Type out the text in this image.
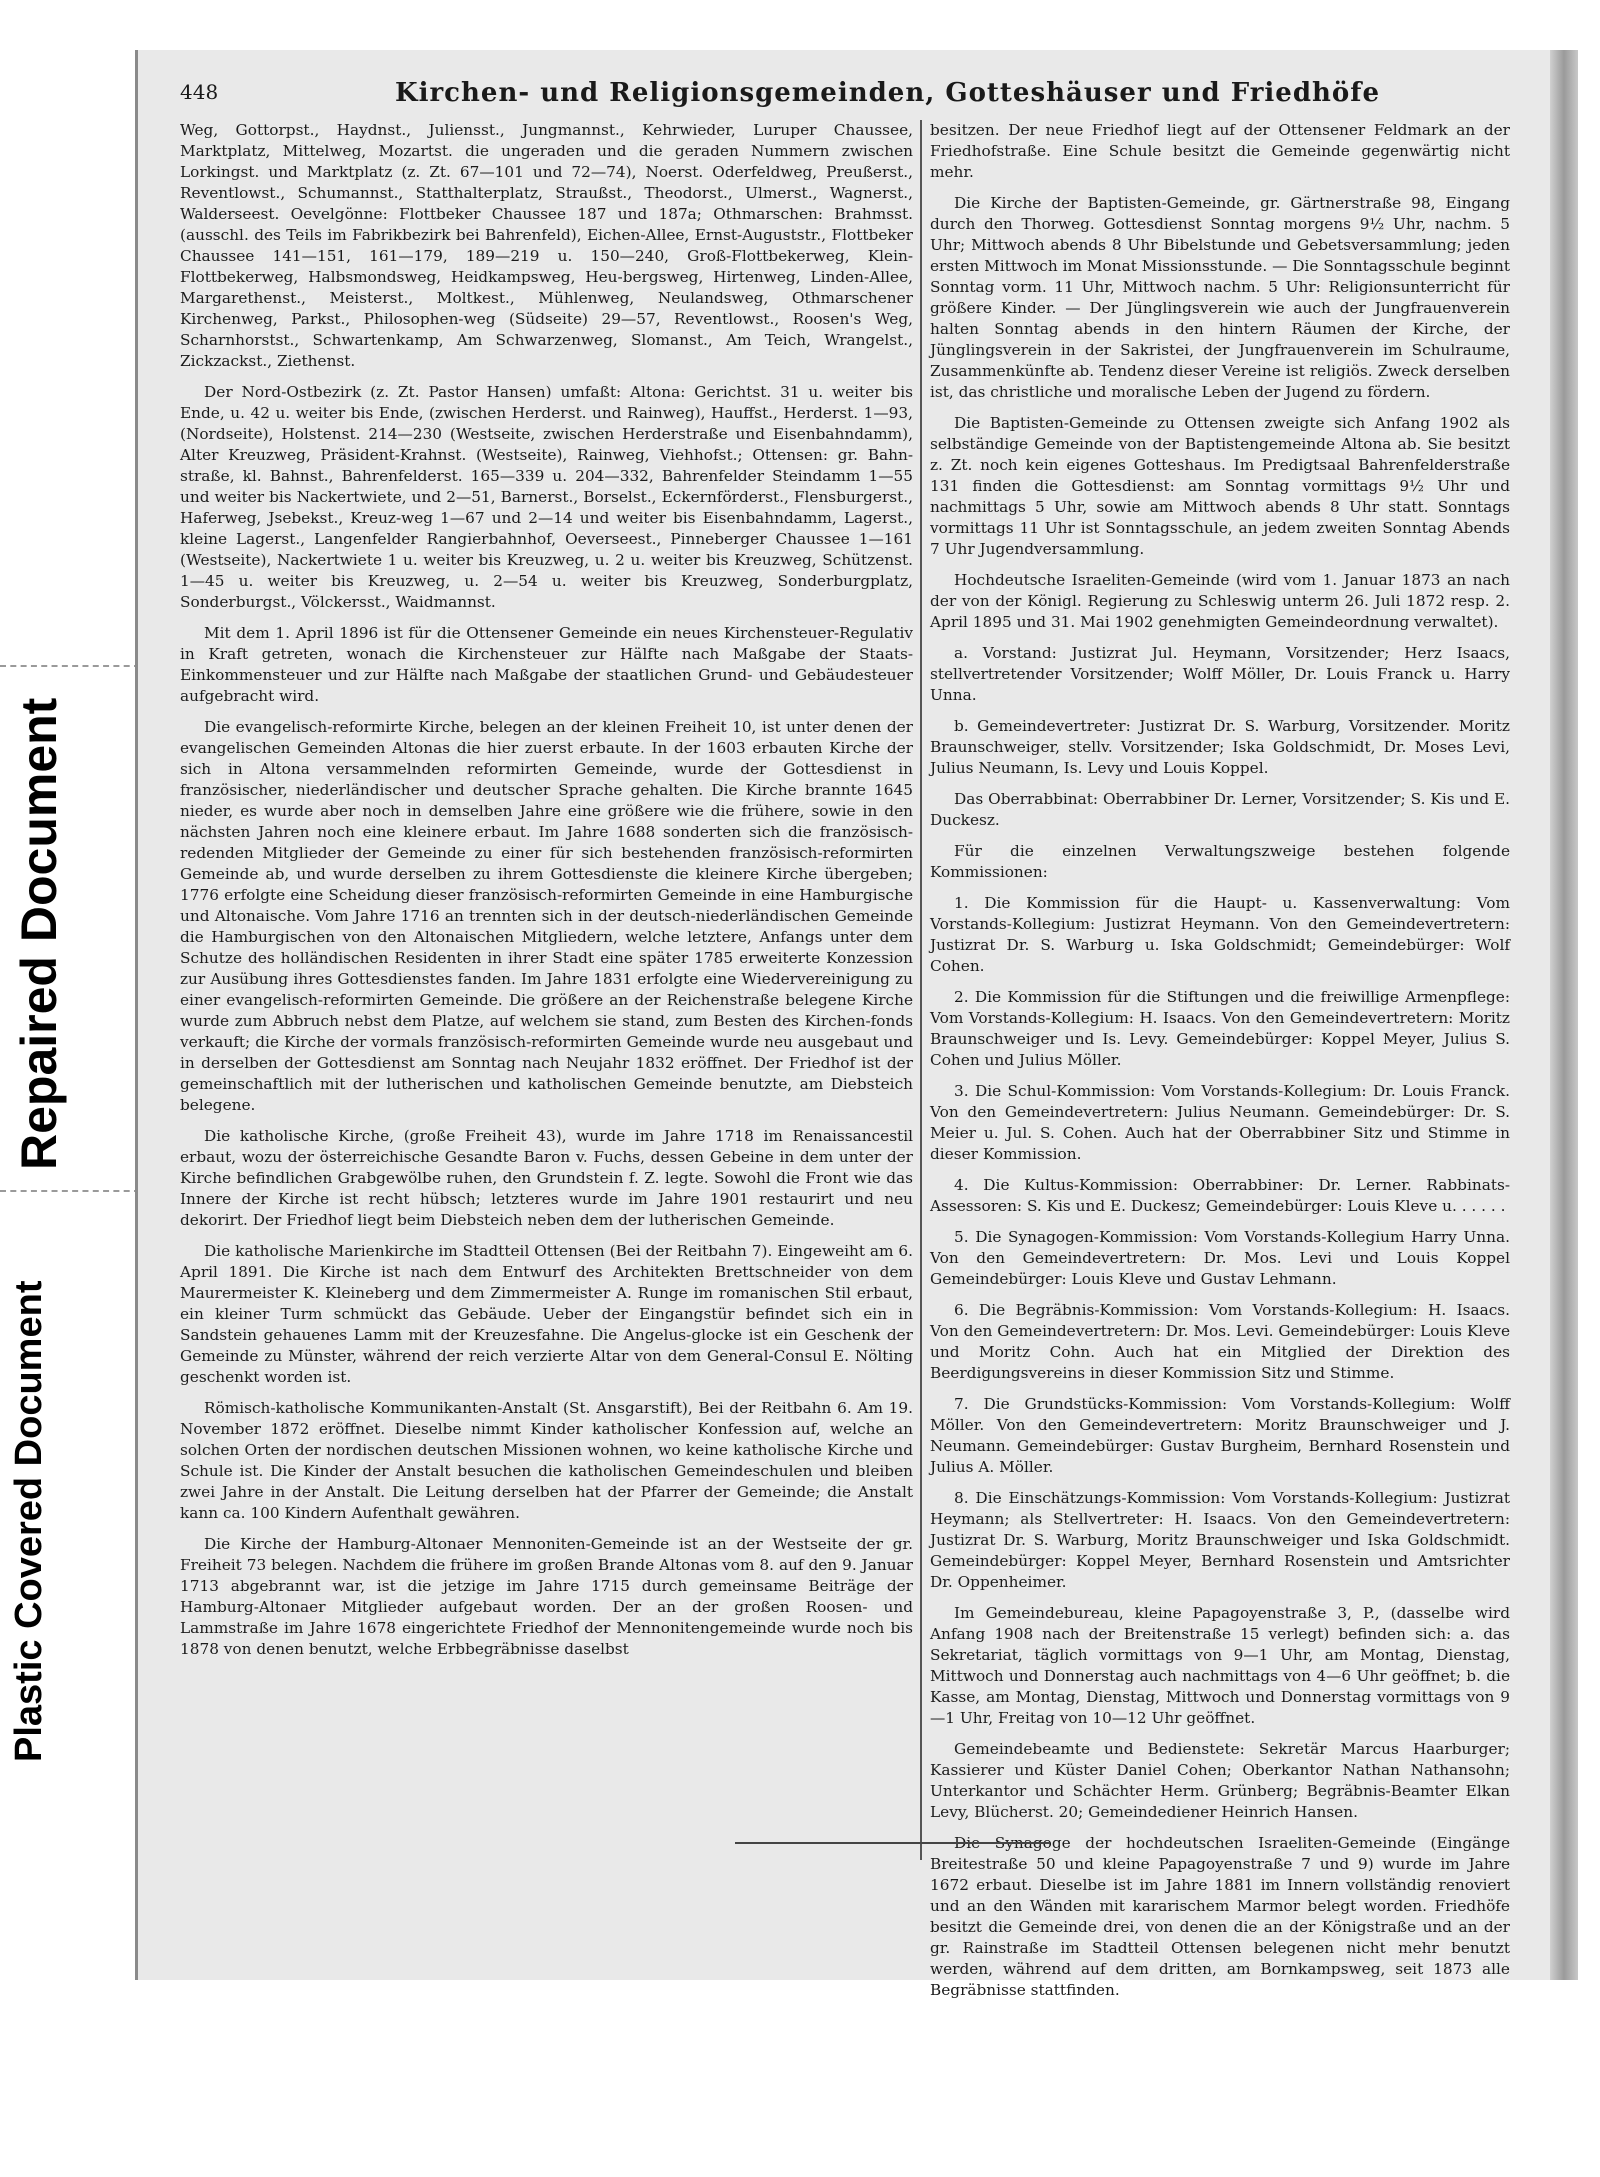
Repaired Document
Plastic Covered Document
448	Kirchen- und Religionsgemeinden, Gotteshäuser und Friedhöfe

Weg, Gottorpst., Haydnst., Juliensst., Jungmannst., Kehrwieder, Luruper Chaussee, Marktplatz, Mittelweg, Mozartst. die ungeraden und die geraden Nummern zwischen Lorkingst. und Marktplatz (z. Zt. 67—101 und 72—74), Noerst. Oderfeldweg, Preußerst., Reventlowst., Schumannst., Statthalterplatz, Straußst., Theodorst., Ulmerst., Wagnerst., Walderseest. Oevelgönne: Flottbeker Chaussee 187 und 187a; Othmarschen: Brahmsst. (ausschl. des Teils im Fabrikbezirk bei Bahrenfeld), Eichen-Allee, Ernst-Auguststr., Flottbeker Chaussee 141—151, 161—179, 189—219 u. 150—240, Groß-Flottbekerweg, Klein-Flottbekerweg, Halbsmondsweg, Heidkampsweg, Heu-bergsweg, Hirtenweg, Linden-Allee, Margarethenst., Meisterst., Moltkest., Mühlenweg, Neulandsweg, Othmarschener Kirchenweg, Parkst., Philosophen-weg (Südseite) 29—57, Reventlowst., Roosen's Weg, Scharnhorstst., Schwartenkamp, Am Schwarzenweg, Slomanst., Am Teich, Wrangelst., Zickzackst., Ziethenst.

Der Nord-Ostbezirk (z. Zt. Pastor Hansen) umfaßt: Altona: Gerichtst. 31 u. weiter bis Ende, u. 42 u. weiter bis Ende, (zwischen Herderst. und Rainweg), Hauffst., Herderst. 1—93, (Nordseite), Holstenst. 214—230 (Westseite, zwischen Herderstraße und Eisenbahndamm), Alter Kreuzweg, Präsident-Krahnst. (Westseite), Rainweg, Viehhofst.; Ottensen: gr. Bahn-straße, kl. Bahnst., Bahrenfelderst. 165—339 u. 204—332, Bahrenfelder Steindamm 1—55 und weiter bis Nackertwiete, und 2—51, Barnerst., Borselst., Eckernförderst., Flensburgerst., Haferweg, Jsebekst., Kreuz-weg 1—67 und 2—14 und weiter bis Eisenbahndamm, Lagerst., kleine Lagerst., Langenfelder Rangierbahnhof, Oeverseest., Pinneberger Chaussee 1—161 (Westseite), Nackertwiete 1 u. weiter bis Kreuzweg, u. 2 u. weiter bis Kreuzweg, Schützenst. 1—45 u. weiter bis Kreuzweg, u. 2—54 u. weiter bis Kreuzweg, Sonderburgplatz, Sonderburgst., Völckersst., Waidmannst.

Mit dem 1. April 1896 ist für die Ottensener Gemeinde ein neues Kirchensteuer-Regulativ in Kraft getreten, wonach die Kirchensteuer zur Hälfte nach Maßgabe der Staats-Einkommensteuer und zur Hälfte nach Maßgabe der staatlichen Grund- und Gebäudesteuer aufgebracht wird.

Die evangelisch-reformirte Kirche, belegen an der kleinen Freiheit 10, ist unter denen der evangelischen Gemeinden Altonas die hier zuerst erbaute. In der 1603 erbauten Kirche der sich in Altona versammelnden reformirten Gemeinde, wurde der Gottesdienst in französischer, niederländischer und deutscher Sprache gehalten. Die Kirche brannte 1645 nieder, es wurde aber noch in demselben Jahre eine größere wie die frühere, sowie in den nächsten Jahren noch eine kleinere erbaut. Im Jahre 1688 sonderten sich die französisch-redenden Mitglieder der Gemeinde zu einer für sich bestehenden französisch-reformirten Gemeinde ab, und wurde derselben zu ihrem Gottesdienste die kleinere Kirche übergeben; 1776 erfolgte eine Scheidung dieser französisch-reformirten Gemeinde in eine Hamburgische und Altonaische. Vom Jahre 1716 an trennten sich in der deutsch-niederländischen Gemeinde die Hamburgischen von den Altonaischen Mitgliedern, welche letztere, Anfangs unter dem Schutze des holländischen Residenten in ihrer Stadt eine später 1785 erweiterte Konzession zur Ausübung ihres Gottesdienstes fanden. Im Jahre 1831 erfolgte eine Wiedervereinigung zu einer evangelisch-reformirten Gemeinde. Die größere an der Reichenstraße belegene Kirche wurde zum Abbruch nebst dem Platze, auf welchem sie stand, zum Besten des Kirchen-fonds verkauft; die Kirche der vormals französisch-reformirten Gemeinde wurde neu ausgebaut und in derselben der Gottesdienst am Sonntag nach Neujahr 1832 eröffnet. Der Friedhof ist der gemeinschaftlich mit der lutherischen und katholischen Gemeinde benutzte, am Diebsteich belegene.

Die katholische Kirche, (große Freiheit 43), wurde im Jahre 1718 im Renaissancestil erbaut, wozu der österreichische Gesandte Baron v. Fuchs, dessen Gebeine in dem unter der Kirche befindlichen Grabgewölbe ruhen, den Grundstein f. Z. legte. Sowohl die Front wie das Innere der Kirche ist recht hübsch; letzteres wurde im Jahre 1901 restaurirt und neu dekorirt. Der Friedhof liegt beim Diebsteich neben dem der lutherischen Gemeinde.

Die katholische Marienkirche im Stadtteil Ottensen (Bei der Reitbahn 7). Eingeweiht am 6. April 1891. Die Kirche ist nach dem Entwurf des Architekten Brettschneider von dem Maurermeister K. Kleineberg und dem Zimmermeister A. Runge im romanischen Stil erbaut, ein kleiner Turm schmückt das Gebäude. Ueber der Eingangstür befindet sich ein in Sandstein gehauenes Lamm mit der Kreuzesfahne. Die Angelus-glocke ist ein Geschenk der Gemeinde zu Münster, während der reich verzierte Altar von dem General-Consul E. Nölting geschenkt worden ist.

Römisch-katholische Kommunikanten-Anstalt (St. Ansgarstift), Bei der Reitbahn 6. Am 19. November 1872 eröffnet. Dieselbe nimmt Kinder katholischer Konfession auf, welche an solchen Orten der nordischen deutschen Missionen wohnen, wo keine katholische Kirche und Schule ist. Die Kinder der Anstalt besuchen die katholischen Gemeindeschulen und bleiben zwei Jahre in der Anstalt. Die Leitung derselben hat der Pfarrer der Gemeinde; die Anstalt kann ca. 100 Kindern Aufenthalt gewähren.

Die Kirche der Hamburg-Altonaer Mennoniten-Gemeinde ist an der Westseite der gr. Freiheit 73 belegen. Nachdem die frühere im großen Brande Altonas vom 8. auf den 9. Januar 1713 abgebrannt war, ist die jetzige im Jahre 1715 durch gemeinsame Beiträge der Hamburg-Altonaer Mitglieder aufgebaut worden. Der an der großen Roosen- und Lammstraße im Jahre 1678 eingerichtete Friedhof der Mennonitengemeinde wurde noch bis 1878 von denen benutzt, welche Erbbegräbnisse daselbst

besitzen. Der neue Friedhof liegt auf der Ottensener Feldmark an der Friedhofstraße. Eine Schule besitzt die Gemeinde gegenwärtig nicht mehr.

Die Kirche der Baptisten-Gemeinde, gr. Gärtnerstraße 98, Eingang durch den Thorweg. Gottesdienst Sonntag morgens 9½ Uhr, nachm. 5 Uhr; Mittwoch abends 8 Uhr Bibelstunde und Gebetsversammlung; jeden ersten Mittwoch im Monat Missionsstunde. — Die Sonntagsschule beginnt Sonntag vorm. 11 Uhr, Mittwoch nachm. 5 Uhr: Religionsunterricht für größere Kinder. — Der Jünglingsverein wie auch der Jungfrauenverein halten Sonntag abends in den hintern Räumen der Kirche, der Jünglingsverein in der Sakristei, der Jungfrauenverein im Schulraume, Zusammenkünfte ab. Tendenz dieser Vereine ist religiös. Zweck derselben ist, das christliche und moralische Leben der Jugend zu fördern.

Die Baptisten-Gemeinde zu Ottensen zweigte sich Anfang 1902 als selbständige Gemeinde von der Baptistengemeinde Altona ab. Sie besitzt z. Zt. noch kein eigenes Gotteshaus. Im Predigtsaal Bahrenfelderstraße 131 finden die Gottesdienst: am Sonntag vormittags 9½ Uhr und nachmittags 5 Uhr, sowie am Mittwoch abends 8 Uhr statt. Sonntags vormittags 11 Uhr ist Sonntagsschule, an jedem zweiten Sonntag Abends 7 Uhr Jugendversammlung.

Hochdeutsche Israeliten-Gemeinde (wird vom 1. Januar 1873 an nach der von der Königl. Regierung zu Schleswig unterm 26. Juli 1872 resp. 2. April 1895 und 31. Mai 1902 genehmigten Gemeindeordnung verwaltet).

a. Vorstand: Justizrat Jul. Heymann, Vorsitzender; Herz Isaacs, stellvertretender Vorsitzender; Wolff Möller, Dr. Louis Franck u. Harry Unna.

b. Gemeindevertreter: Justizrat Dr. S. Warburg, Vorsitzender. Moritz Braunschweiger, stellv. Vorsitzender; Iska Goldschmidt, Dr. Moses Levi, Julius Neumann, Is. Levy und Louis Koppel.

Das Oberrabbinat: Oberrabbiner Dr. Lerner, Vorsitzender; S. Kis und E. Duckesz.

Für die einzelnen Verwaltungszweige bestehen folgende Kommissionen:

1. Die Kommission für die Haupt- u. Kassenverwaltung: Vom Vorstands-Kollegium: Justizrat Heymann. Von den Gemeindevertretern: Justizrat Dr. S. Warburg u. Iska Goldschmidt; Gemeindebürger: Wolf Cohen.

2. Die Kommission für die Stiftungen und die freiwillige Armenpflege: Vom Vorstands-Kollegium: H. Isaacs. Von den Gemeindevertretern: Moritz Braunschweiger und Is. Levy. Gemeindebürger: Koppel Meyer, Julius S. Cohen und Julius Möller.

3. Die Schul-Kommission: Vom Vorstands-Kollegium: Dr. Louis Franck. Von den Gemeindevertretern: Julius Neumann. Gemeindebürger: Dr. S. Meier u. Jul. S. Cohen. Auch hat der Oberrabbiner Sitz und Stimme in dieser Kommission.

4. Die Kultus-Kommission: Oberrabbiner: Dr. Lerner. Rabbinats-Assessoren: S. Kis und E. Duckesz; Gemeindebürger: Louis Kleve u. . . . . .

5. Die Synagogen-Kommission: Vom Vorstands-Kollegium Harry Unna. Von den Gemeindevertretern: Dr. Mos. Levi und Louis Koppel Gemeindebürger: Louis Kleve und Gustav Lehmann.

6. Die Begräbnis-Kommission: Vom Vorstands-Kollegium: H. Isaacs. Von den Gemeindevertretern: Dr. Mos. Levi. Gemeindebürger: Louis Kleve und Moritz Cohn. Auch hat ein Mitglied der Direktion des Beerdigungsvereins in dieser Kommission Sitz und Stimme.

7. Die Grundstücks-Kommission: Vom Vorstands-Kollegium: Wolff Möller. Von den Gemeindevertretern: Moritz Braunschweiger und J. Neumann. Gemeindebürger: Gustav Burgheim, Bernhard Rosenstein und Julius A. Möller.

8. Die Einschätzungs-Kommission: Vom Vorstands-Kollegium: Justizrat Heymann; als Stellvertreter: H. Isaacs. Von den Gemeindevertretern: Justizrat Dr. S. Warburg, Moritz Braunschweiger und Iska Goldschmidt. Gemeindebürger: Koppel Meyer, Bernhard Rosenstein und Amtsrichter Dr. Oppenheimer.

Im Gemeindebureau, kleine Papagoyenstraße 3, P., (dasselbe wird Anfang 1908 nach der Breitenstraße 15 verlegt) befinden sich: a. das Sekretariat, täglich vormittags von 9—1 Uhr, am Montag, Dienstag, Mittwoch und Donnerstag auch nachmittags von 4—6 Uhr geöffnet; b. die Kasse, am Montag, Dienstag, Mittwoch und Donnerstag vormittags von 9—1 Uhr, Freitag von 10—12 Uhr geöffnet.

Gemeindebeamte und Bedienstete: Sekretär Marcus Haarburger; Kassierer und Küster Daniel Cohen; Oberkantor Nathan Nathansohn; Unterkantor und Schächter Herm. Grünberg; Begräbnis-Beamter Elkan Levy, Blücherst. 20; Gemeindediener Heinrich Hansen.

Die Synagoge der hochdeutschen Israeliten-Gemeinde (Eingänge Breitestraße 50 und kleine Papagoyenstraße 7 und 9) wurde im Jahre 1672 erbaut. Dieselbe ist im Jahre 1881 im Innern vollständig renoviert und an den Wänden mit kararischem Marmor belegt worden. Friedhöfe besitzt die Gemeinde drei, von denen die an der Königstraße und an der gr. Rainstraße im Stadtteil Ottensen belegenen nicht mehr benutzt werden, während auf dem dritten, am Bornkampsweg, seit 1873 alle Begräbnisse stattfinden.
